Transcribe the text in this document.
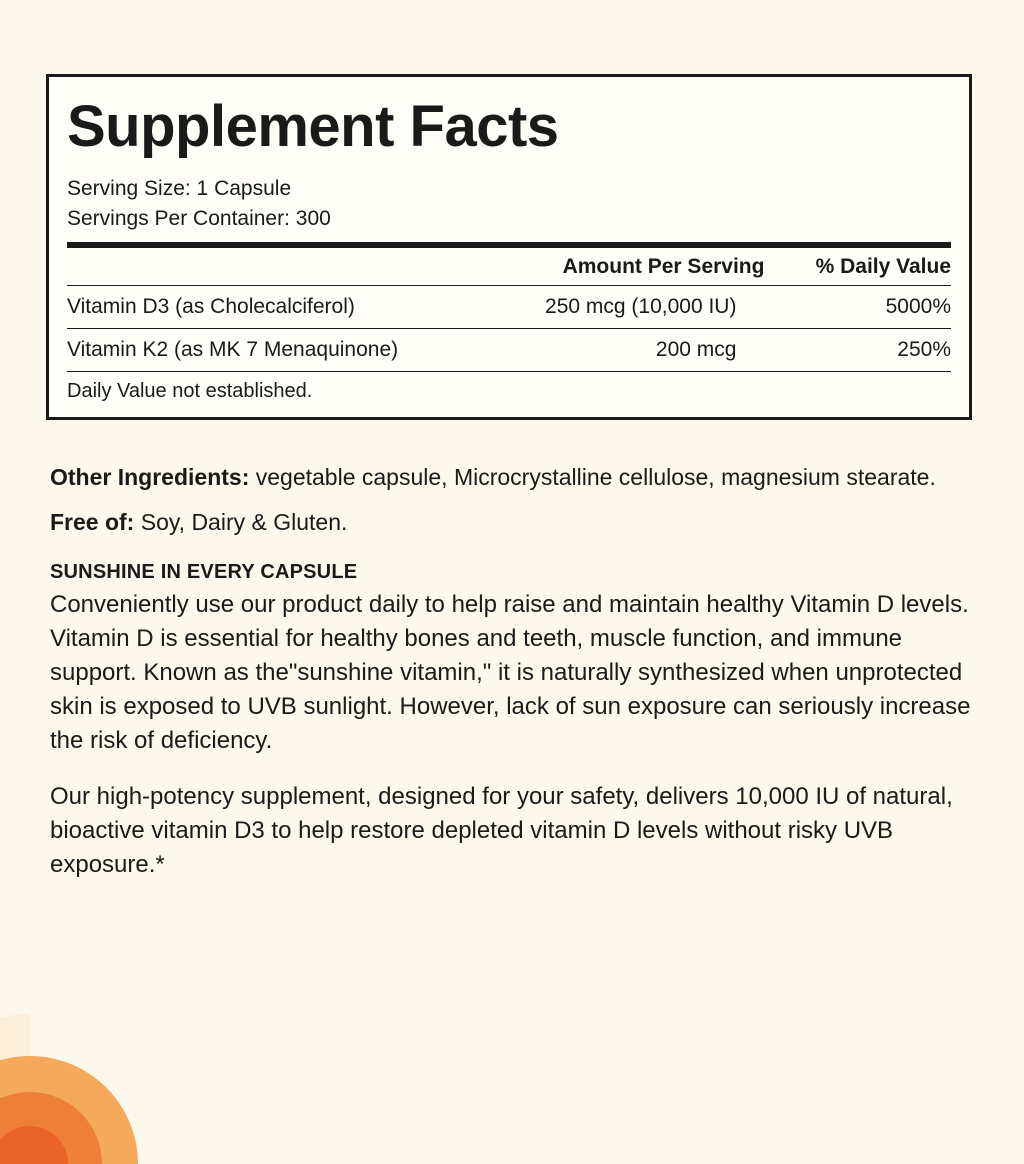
Supplement Facts
Serving Size: 1 Capsule
Servings Per Container: 300
	Amount Per Serving	% Daily Value
Vitamin D3 (as Cholecalciferol)	250 mcg (10,000 IU)	5000%
Vitamin K2 (as MK 7 Menaquinone)	200 mcg	250%
Daily Value not established.

Other Ingredients: vegetable capsule, Microcrystalline cellulose, magnesium stearate.

Free of: Soy, Dairy & Gluten.

SUNSHINE IN EVERY CAPSULE

Conveniently use our product daily to help raise and maintain healthy Vitamin D levels. Vitamin D is essential for healthy bones and teeth, muscle function, and immune support. Known as the"sunshine vitamin," it is naturally synthesized when unprotected skin is exposed to UVB sunlight. However, lack of sun exposure can seriously increase the risk of deficiency.

Our high-potency supplement, designed for your safety, delivers 10,000 IU of natural, bioactive vitamin D3 to help restore depleted vitamin D levels without risky UVB exposure.*
